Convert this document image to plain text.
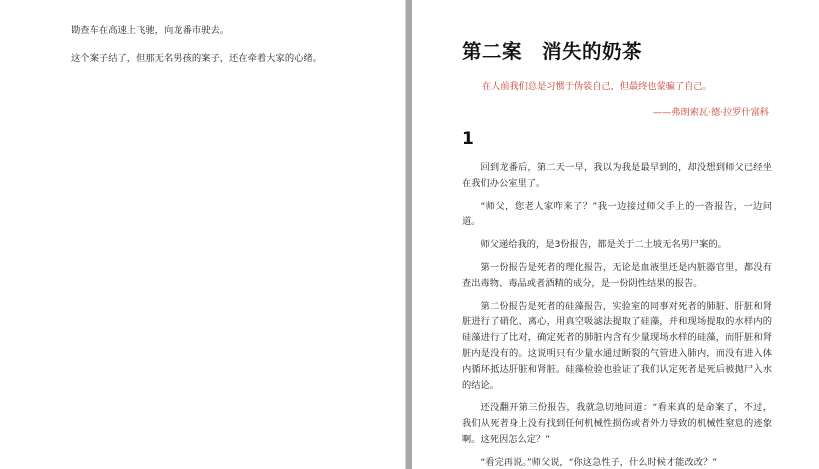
勘查车在高速上飞驰，向龙番市驶去。

这个案子结了，但那无名男孩的案子，还在牵着大家的心绪。	第二案　消失的奶茶

在人前我们总是习惯于伪装自己，但最终也蒙骗了自己。

——弗朗索瓦·德·拉罗什富科

1

回到龙番后，第二天一早，我以为我是最早到的，却没想到师父已经坐在我们办公室里了。

“师父，您老人家咋来了？”我一边接过师父手上的一沓报告，一边问道。

师父递给我的，是3份报告，都是关于二土坡无名男尸案的。

第一份报告是死者的理化报告，无论是血液里还是内脏器官里，都没有查出毒物、毒品或者酒精的成分，是一份阴性结果的报告。

第二份报告是死者的硅藻报告，实验室的同事对死者的肺脏、肝脏和肾脏进行了硝化、离心，用真空吸滤法提取了硅藻，并和现场提取的水样内的硅藻进行了比对，确定死者的肺脏内含有少量现场水样的硅藻，而肝脏和肾脏内是没有的。这说明只有少量水通过断裂的气管进入肺内，而没有进入体内循环抵达肝脏和肾脏。硅藻检验也验证了我们认定死者是死后被抛尸入水的结论。

还没翻开第三份报告，我就急切地问道：“看来真的是命案了，不过，我们从死者身上没有找到任何机械性损伤或者外力导致的机械性窒息的迹象啊。这死因怎么定？”

“看完再说。”师父说，“你这急性子，什么时候才能改改？”
